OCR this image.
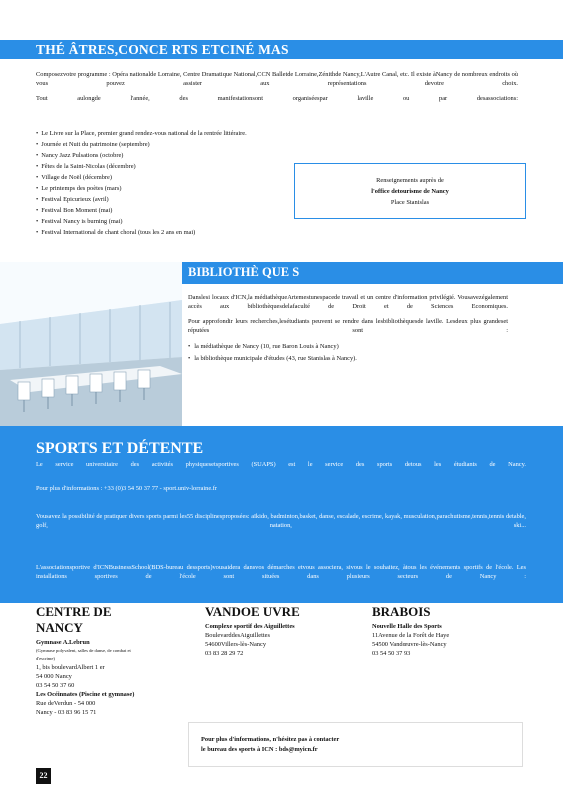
THÉ ÂTRES,CONCE RTS ETCINÉ MAS

Composezvotre programme : Opéra nationalde Lorraine, Centre Dramatique National,CCN Balletde Lorraine,Zénithde Nancy,L'Autre Canal, etc. Il existe àNancy de nombreux endroits où vous pouvez assister aux représentations devotre choix.

Tout aulongde l'année, des manifestationsont organiséespar laville ou par desassociations:

• Le Livre sur la Place, premier grand rendez-vous national de la rentrée littéraire.
• Journée et Nuit du patrimoine (septembre)
• Nancy Jazz Pulsations (octobre)
• Fêtes de la Saint-Nicolas (décembre)
• Village de Noël (décembre)
• Le printemps des poètes (mars)
• Festival Epicurieux (avril)
• Festival Bon Moment (mai)
• Festival Nancy is burning (mai)
• Festival International de chant choral (tous les 2 ans en mai)
Renseignements auprès de
l'office detourisme de Nancy
Place Stanislas
BIBLIOTHÈ QUE S

Danslesi locaux d'ICN,la médiathèqueArtemestunespacede travail et un centre d'information privilégié. Vousavezégalement accès aux bibliothèquesdelafaculté de Droit et de Sciences Economiques.

Pour approfondir leurs recherches,lesétudiants peuvent se rendre dans lesbibliothèquesde laville. Lesdeux plus grandeset réputées sont :

• la médiathèque de Nancy (10, rue Baron Louis à Nancy)
• la bibliothèque municipale d'études (43, rue Stanislas à Nancy).
SPORTS ET DÉTENTE
Le service universitaire des activités physiquesetsportives (SUAPS) est le service des sports detous les étudiants de Nancy.
Pour plus d'informations : +33 (0)3 54 50 37 77 - sport.univ-lorraine.fr
Vousavez la possibilité de pratiquer divers sports parmi les55 disciplinesproposées: aïkido, badminton,basket, danse, escalade, escrime, kayak, musculation,parachutisme,tennis,tennis detable, golf, natation, ski...
L'associationsportive d'ICNBusinessSchool(BDS-bureau dessports)vousaidera dansvos démarches etvous associera, sivous le souhaitez, àtous les événements sportifs de l'école. Les installations sportives de l'école sont situées dans plusieurs secteurs de Nancy :
CENTRE DE NANCY
Gymnase A.Lebrun
(Gymnase polyvalent, salles de danse, de combat et d'escrime)
1, bis boulevardAlbert 1 er
54 000 Nancy
03 54 50 37 60
Les Océinnates (Piscine et gymnase)
Rue deVerdun - 54 000
Nancy - 03 83 96 15 71
VANDOE UVRE
Complexe sportif des Aiguillettes
BoulevarddesAiguillettes
54600Villers-lès-Nancy
03 83 28 29 72
BRABOIS
Nouvelle Halle des Sports
11Avenue de la Forêt de Haye
54500 Vandœuvre-lès-Nancy
03 54 50 37 93
Pour plus d'informations, n'hésitez pas à contacter
le bureau des sports à ICN : bds@myicn.fr
22
